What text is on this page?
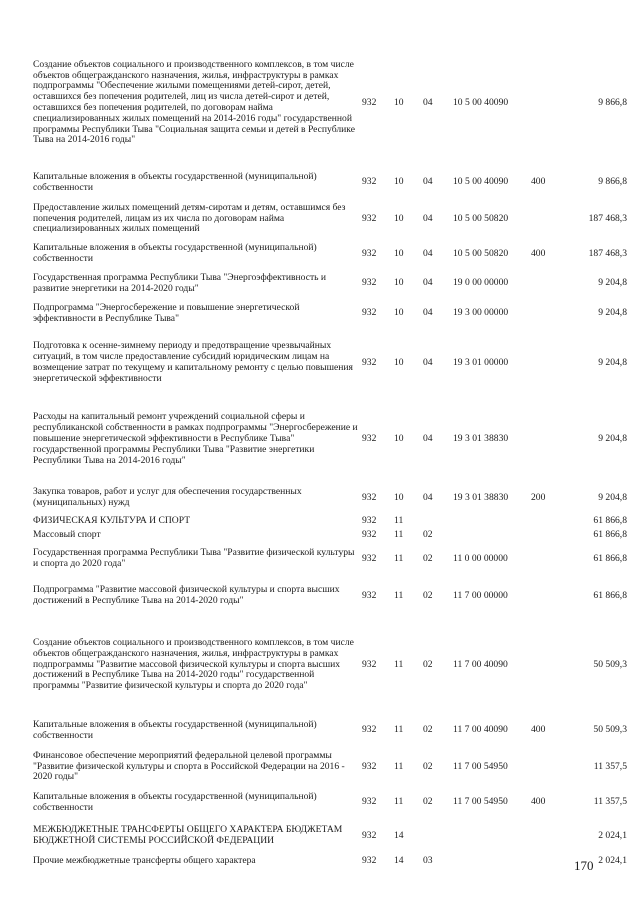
Создание объектов социального и производственного комплексов, в том числе объектов общегражданского назначения, жилья, инфраструктуры в рамках подпрограммы "Обеспечение жилыми помещениями детей-сирот, детей, оставшихся без попечения родителей, лиц из числа детей-сирот и детей, оставшихся без попечения родителей, по договорам найма специализированных жилых помещений на 2014-2016 годы" государственной программы Республики Тыва "Социальная защита семьи и детей в Республике Тыва на 2014-2016 годы"	932	10	04	10 5 00 40090		9 866,8
Капитальные вложения в объекты государственной (муниципальной) собственности	932	10	04	10 5 00 40090	400	9 866,8
Предоставление жилых помещений детям-сиротам и детям, оставшимся без попечения родителей, лицам из их числа по договорам найма специализированных жилых помещений	932	10	04	10 5 00 50820		187 468,3
Капитальные вложения в объекты государственной (муниципальной) собственности	932	10	04	10 5 00 50820	400	187 468,3
Государственная программа Республики Тыва "Энергоэффективность и развитие энергетики на 2014-2020 годы"	932	10	04	19 0 00 00000		9 204,8
Подпрограмма "Энергосбережение и повышение энергетической эффективности в Республике Тыва"	932	10	04	19 3 00 00000		9 204,8
Подготовка к осенне-зимнему периоду и предотвращение чрезвычайных ситуаций, в том числе предоставление субсидий юридическим лицам на возмещение затрат по текущему и капитальному ремонту с целью повышения энергетической эффективности	932	10	04	19 3 01 00000		9 204,8
Расходы на капитальный ремонт учреждений социальной сферы и республиканской собственности в рамках подпрограммы "Энергосбережение и повышение энергетической эффективности в Республике Тыва" государственной программы Республики Тыва "Развитие энергетики Республики Тыва на 2014-2016 годы"	932	10	04	19 3 01 38830		9 204,8
Закупка товаров, работ и услуг для обеспечения государственных (муниципальных) нужд	932	10	04	19 3 01 38830	200	9 204,8
ФИЗИЧЕСКАЯ КУЛЬТУРА И СПОРТ	932	11				61 866,8
Массовый спорт	932	11	02			61 866,8
Государственная программа Республики Тыва "Развитие физической культуры и спорта до 2020 года"	932	11	02	11 0 00 00000		61 866,8
Подпрограмма "Развитие массовой физической культуры и спорта высших достижений в Республике Тыва на 2014-2020 годы"	932	11	02	11 7 00 00000		61 866,8
Создание объектов социального и производственного комплексов, в том числе объектов общегражданского назначения, жилья, инфраструктуры в рамках подпрограммы "Развитие массовой физической культуры и спорта высших достижений в Республике Тыва на 2014-2020 годы" государственной программы "Развитие физической культуры и спорта до 2020 года"	932	11	02	11 7 00 40090		50 509,3
Капитальные вложения в объекты государственной (муниципальной) собственности	932	11	02	11 7 00 40090	400	50 509,3
Финансовое обеспечение мероприятий федеральной целевой программы "Развитие физической культуры и спорта в Российской Федерации на 2016 - 2020 годы"	932	11	02	11 7 00 54950		11 357,5
Капитальные вложения в объекты государственной (муниципальной) собственности	932	11	02	11 7 00 54950	400	11 357,5
МЕЖБЮДЖЕТНЫЕ ТРАНСФЕРТЫ ОБЩЕГО ХАРАКТЕРА БЮДЖЕТАМ БЮДЖЕТНОЙ СИСТЕМЫ РОССИЙСКОЙ ФЕДЕРАЦИИ	932	14				2 024,1
Прочие межбюджетные трансферты общего характера	932	14	03			2 024,1
170
